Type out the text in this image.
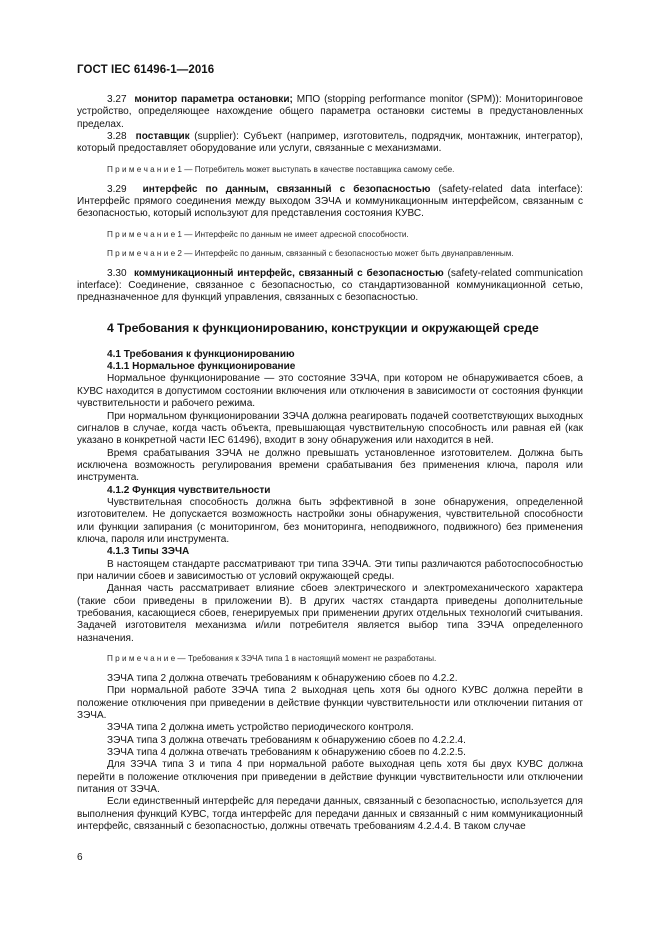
ГОСТ IEC 61496-1—2016

3.27 монитор параметра остановки; МПО (stopping performance monitor (SPM)): Мониторинговое устройство, определяющее нахождение общего параметра остановки системы в предустановленных пределах.

3.28 поставщик (supplier): Субъект (например, изготовитель, подрядчик, монтажник, интегратор), который предоставляет оборудование или услуги, связанные с механизмами.

П р и м е ч а н и е 1 — Потребитель может выступать в качестве поставщика самому себе.

3.29 интерфейс по данным, связанный с безопасностью (safety-related data interface): Интерфейс прямого соединения между выходом ЗЭЧА и коммуникационным интерфейсом, связанным с безопасностью, который используют для представления состояния КУВС.

П р и м е ч а н и е 1 — Интерфейс по данным не имеет адресной способности.

П р и м е ч а н и е 2 — Интерфейс по данным, связанный с безопасностью может быть двунаправленным.

3.30 коммуникационный интерфейс, связанный с безопасностью (safety-related communication interface): Соединение, связанное с безопасностью, со стандартизованной коммуникационной сетью, предназначенное для функций управления, связанных с безопасностью.

4 Требования к функционированию, конструкции и окружающей среде

4.1 Требования к функционированию

4.1.1 Нормальное функционирование

Нормальное функционирование — это состояние ЗЭЧА, при котором не обнаруживается сбоев, а КУВС находится в допустимом состоянии включения или отключения в зависимости от состояния функции чувствительности и рабочего режима.

При нормальном функционировании ЗЭЧА должна реагировать подачей соответствующих выходных сигналов в случае, когда часть объекта, превышающая чувствительную способность или равная ей (как указано в конкретной части IEC 61496), входит в зону обнаружения или находится в ней.

Время срабатывания ЗЭЧА не должно превышать установленное изготовителем. Должна быть исключена возможность регулирования времени срабатывания без применения ключа, пароля или инструмента.

4.1.2 Функция чувствительности

Чувствительная способность должна быть эффективной в зоне обнаружения, определенной изготовителем. Не допускается возможность настройки зоны обнаружения, чувствительной способности или функции запирания (с мониторингом, без мониторинга, неподвижного, подвижного) без применения ключа, пароля или инструмента.

4.1.3 Типы ЗЭЧА

В настоящем стандарте рассматривают три типа ЗЭЧА. Эти типы различаются работоспособностью при наличии сбоев и зависимостью от условий окружающей среды.

Данная часть рассматривает влияние сбоев электрического и электромеханического характера (такие сбои приведены в приложении B). В других частях стандарта приведены дополнительные требования, касающиеся сбоев, генерируемых при применении других отдельных технологий считывания. Задачей изготовителя механизма и/или потребителя является выбор типа ЗЭЧА определенного назначения.

П р и м е ч а н и е — Требования к ЗЭЧА типа 1 в настоящий момент не разработаны.

ЗЭЧА типа 2 должна отвечать требованиям к обнаружению сбоев по 4.2.2.

При нормальной работе ЗЭЧА типа 2 выходная цепь хотя бы одного КУВС должна перейти в положение отключения при приведении в действие функции чувствительности или отключении питания от ЗЭЧА.

ЗЭЧА типа 2 должна иметь устройство периодического контроля.

ЗЭЧА типа 3 должна отвечать требованиям к обнаружению сбоев по 4.2.2.4.

ЗЭЧА типа 4 должна отвечать требованиям к обнаружению сбоев по 4.2.2.5.

Для ЗЭЧА типа 3 и типа 4 при нормальной работе выходная цепь хотя бы двух КУВС должна перейти в положение отключения при приведении в действие функции чувствительности или отключении питания от ЗЭЧА.

Если единственный интерфейс для передачи данных, связанный с безопасностью, используется для выполнения функций КУВС, тогда интерфейс для передачи данных и связанный с ним коммуникационный интерфейс, связанный с безопасностью, должны отвечать требованиям 4.2.4.4. В таком случае

6
